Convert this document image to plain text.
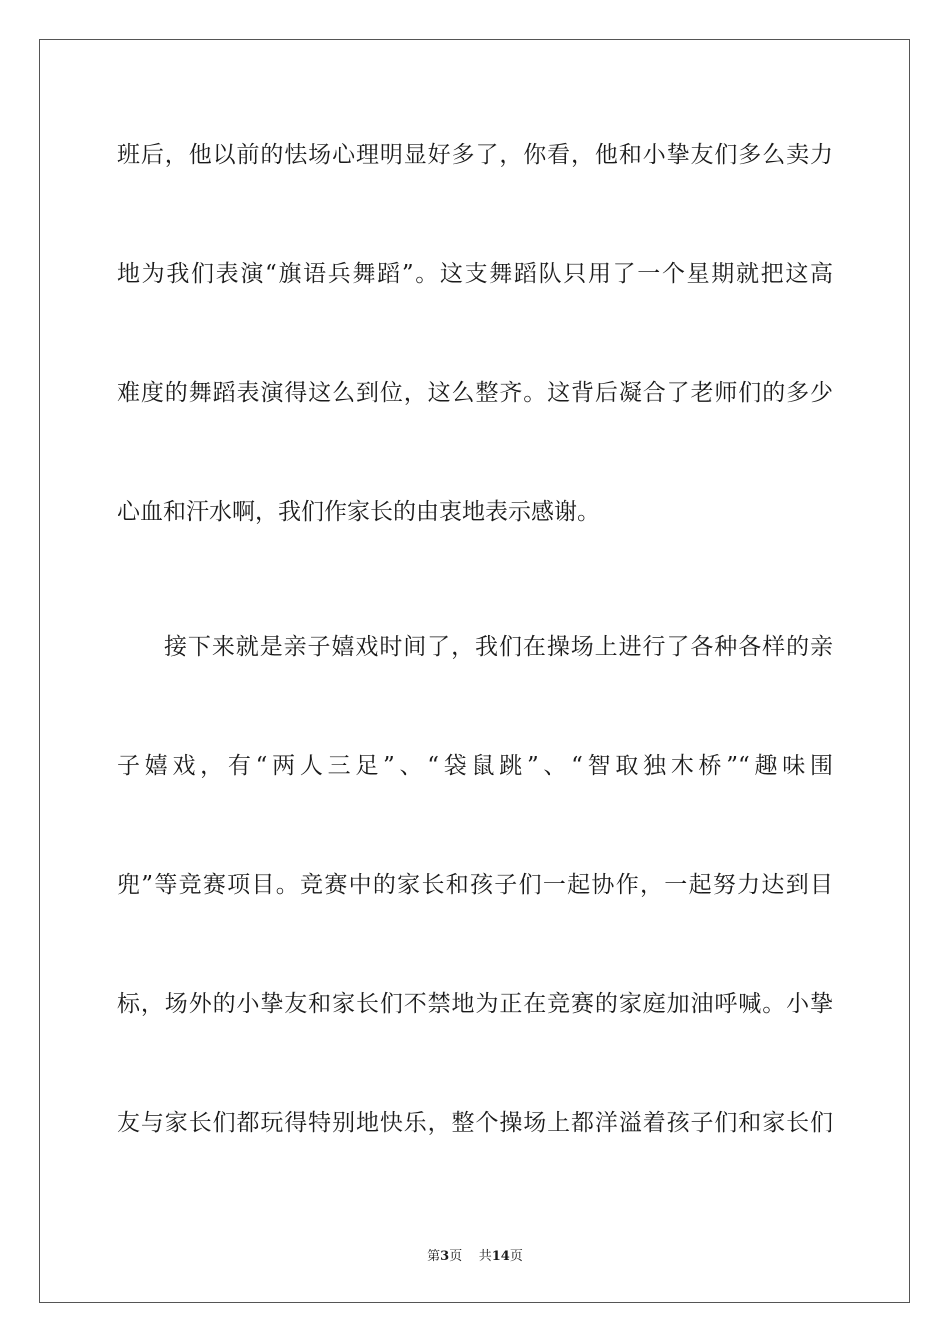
班后，他以前的怯场心理明显好多了，你看，他和小挚友们多么卖力
地为我们表演“旗语兵舞蹈”。这支舞蹈队只用了一个星期就把这高
难度的舞蹈表演得这么到位，这么整齐。这背后凝合了老师们的多少
心血和汗水啊，我们作家长的由衷地表示感谢。
接下来就是亲子嬉戏时间了，我们在操场上进行了各种各样的亲
子嬉戏，有“两人三足”、“袋鼠跳”、“智取独木桥”“趣味围
兜”等竞赛项目。竞赛中的家长和孩子们一起协作，一起努力达到目
标，场外的小挚友和家长们不禁地为正在竞赛的家庭加油呼喊。小挚
友与家长们都玩得特别地快乐，整个操场上都洋溢着孩子们和家长们
第3页 共14页
